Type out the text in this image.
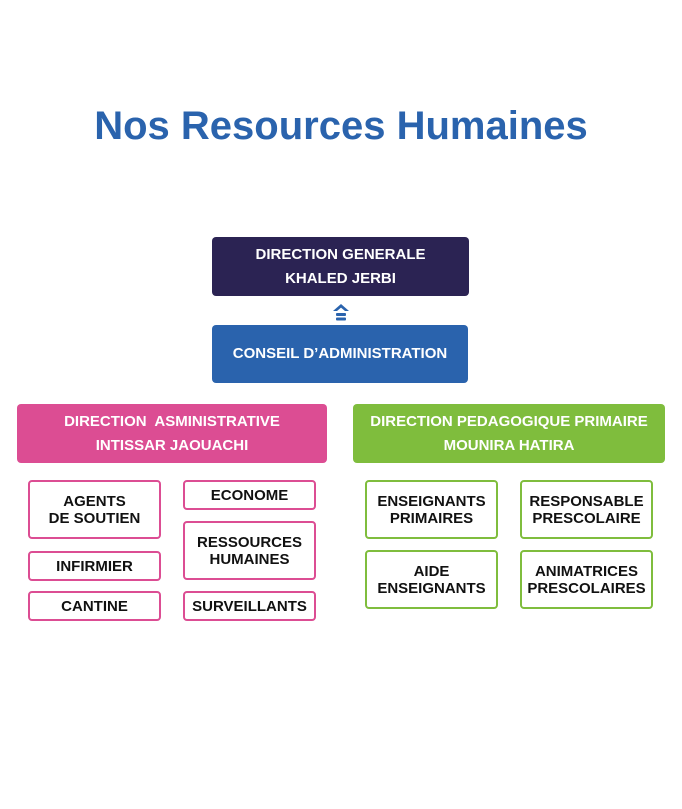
Nos Resources Humaines
DIRECTION GENERALE
KHALED JERBI
CONSEIL D’ADMINISTRATION
DIRECTION  ASMINISTRATIVE
INTISSAR JAOUACHI
DIRECTION PEDAGOGIQUE PRIMAIRE
MOUNIRA HATIRA
AGENTS
DE SOUTIEN
ECONOME
INFIRMIER
RESSOURCES
HUMAINES
CANTINE	SURVEILLANTS
ENSEIGNANTS
PRIMAIRES
RESPONSABLE
PRESCOLAIRE
AIDE
ENSEIGNANTS
ANIMATRICES
PRESCOLAIRES
